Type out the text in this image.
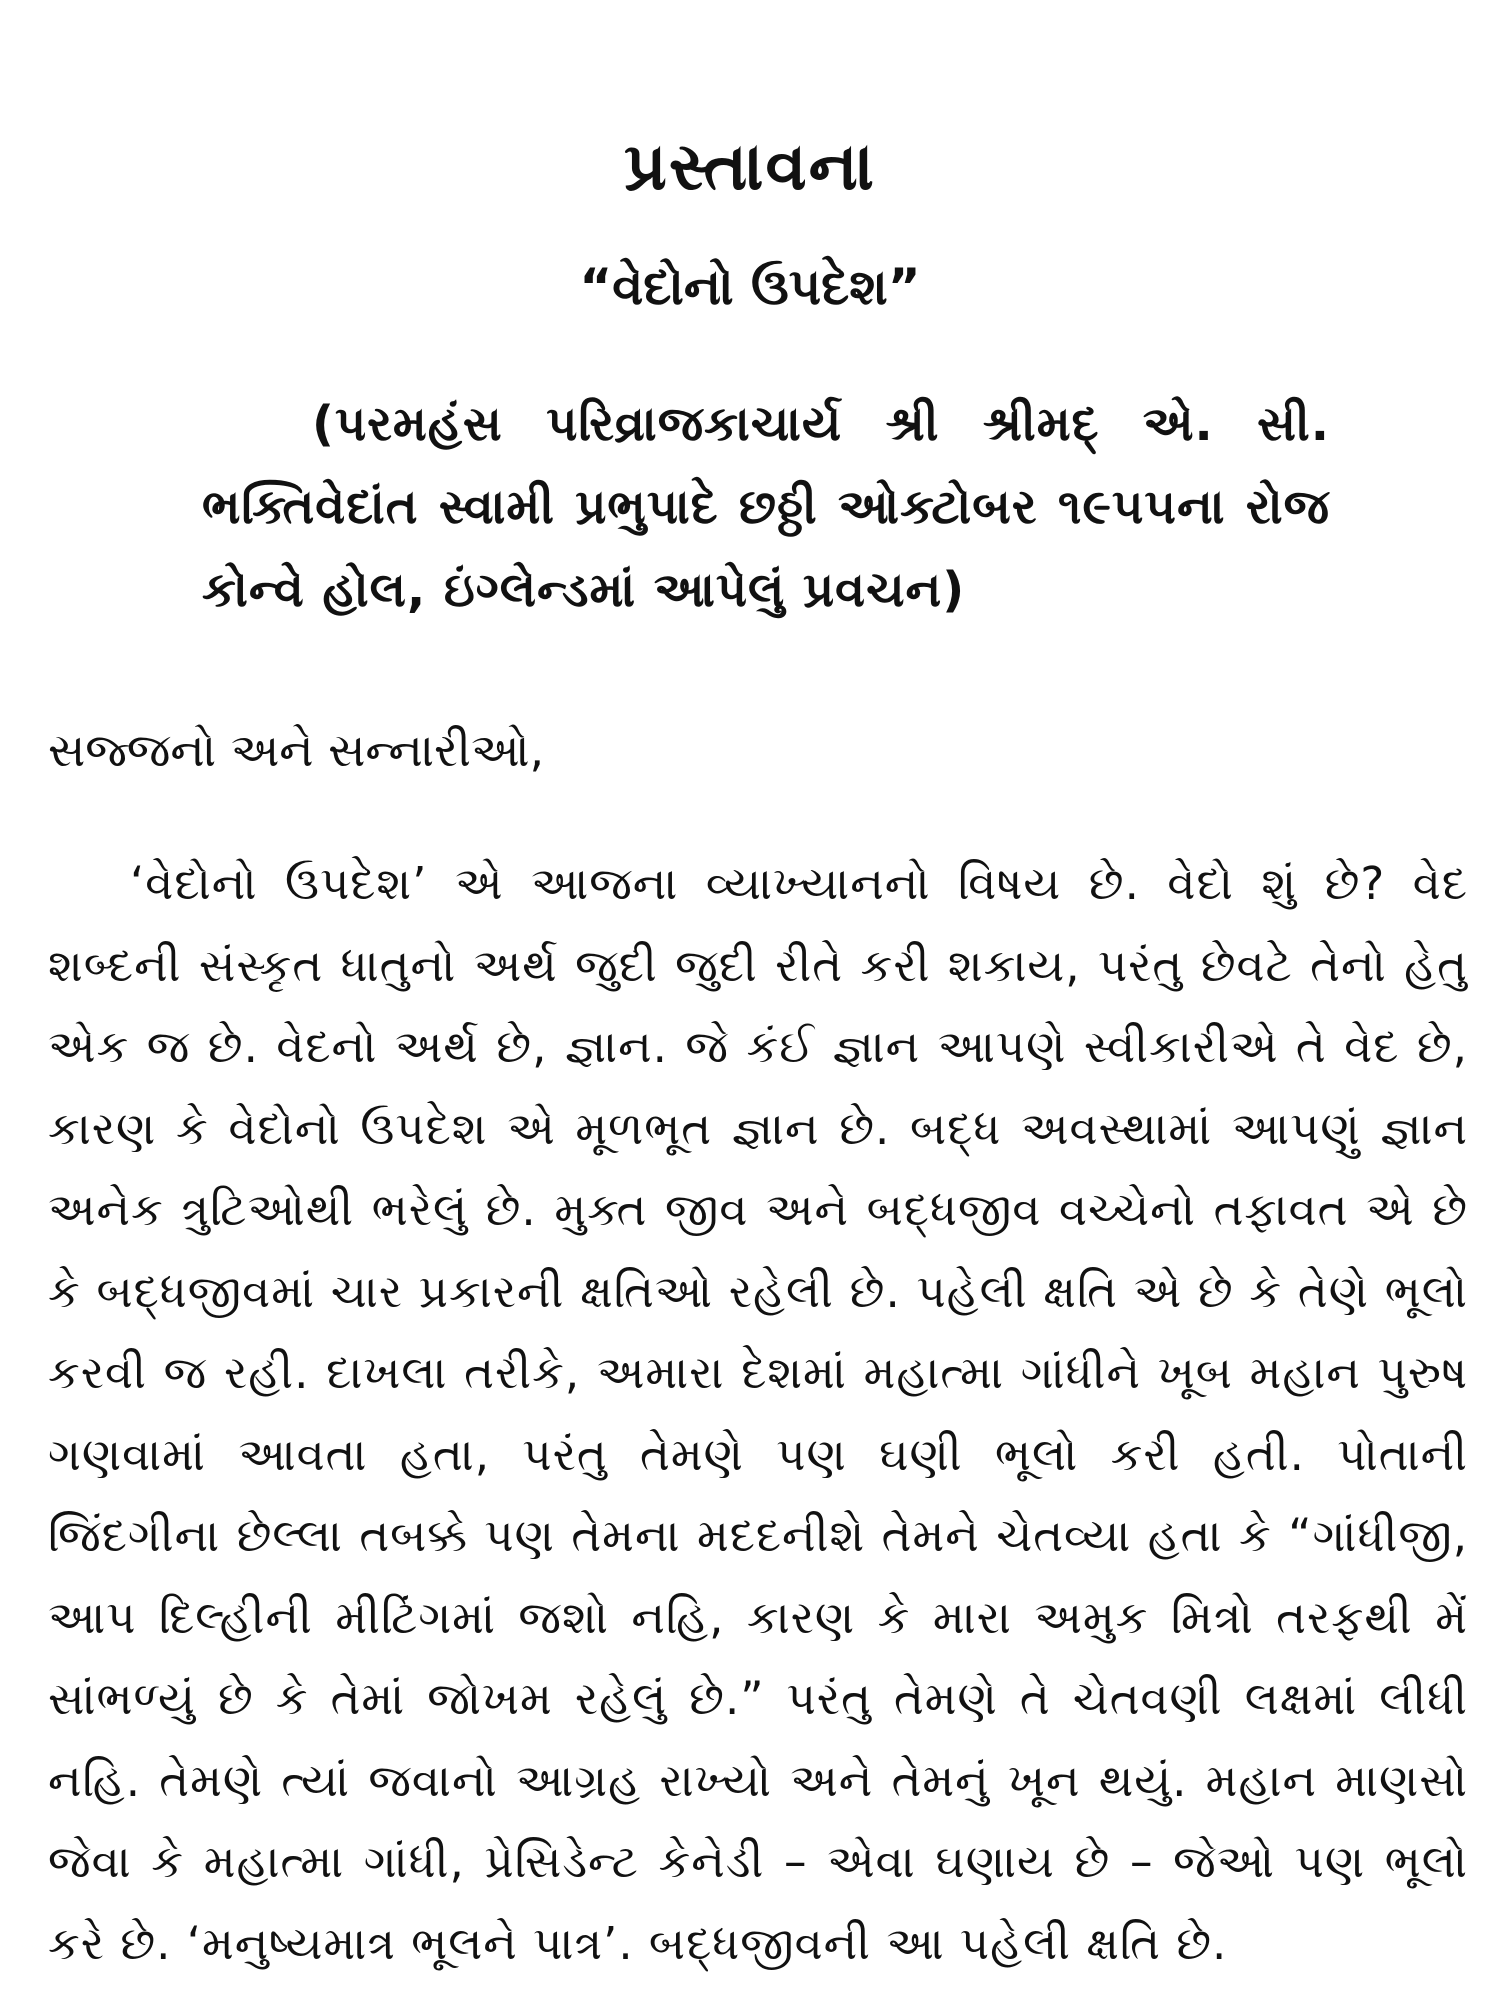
પ્રસ્તાવના
“વેદોનો ઉપદેશ”
(પરમહંસ પરિવ્રાજકાચાર્ય શ્રી શ્રીમદ્ એ. સી. ભક્તિવેદાંત સ્વામી પ્રભુપાદે છઠ્ઠી ઓક્ટોબર ૧૯૫૫ના રોજ કોન્વે હોલ, ઇંગ્લેન્ડમાં આપેલું પ્રવચન)
સજ્જનો અને સન્નારીઓ,

‘વેદોનો ઉપદેશ’ એ આજના વ્યાખ્યાનનો વિષય છે. વેદો શું છે? વેદ શબ્દની સંસ્કૃત ધાતુનો અર્થ જુદી જુદી રીતે કરી શકાય, પરંતુ છેવટે તેનો હેતુ એક જ છે. વેદનો અર્થ છે, જ્ઞાન. જે કંઈ જ્ઞાન આપણે સ્વીકારીએ તે વેદ છે, કારણ કે વેદોનો ઉપદેશ એ મૂળભૂત જ્ઞાન છે. બદ્ધ અવસ્થામાં આપણું જ્ઞાન અનેક ત્રુટિઓથી ભરેલું છે. મુક્ત જીવ અને બદ્ધજીવ વચ્ચેનો તફાવત એ છે કે બદ્ધજીવમાં ચાર પ્રકારની ક્ષતિઓ રહેલી છે. પહેલી ક્ષતિ એ છે કે તેણે ભૂલો કરવી જ રહી. દાખલા તરીકે, અમારા દેશમાં મહાત્મા ગાંધીને ખૂબ મહાન પુરુષ ગણવામાં આવતા હતા, પરંતુ તેમણે પણ ઘણી ભૂલો કરી હતી. પોતાની જિંદગીના છેલ્લા તબક્કે પણ તેમના મદદનીશે તેમને ચેતવ્યા હતા કે “ગાંધીજી, આપ દિલ્હીની મીટિંગમાં જશો નહિ, કારણ કે મારા અમુક મિત્રો તરફથી મેં સાંભળ્યું છે કે તેમાં જોખમ રહેલું છે.” પરંતુ તેમણે તે ચેતવણી લક્ષમાં લીધી નહિ. તેમણે ત્યાં જવાનો આગ્રહ રાખ્યો અને તેમનું ખૂન થયું. મહાન માણસો જેવા કે મહાત્મા ગાંધી, પ્રેસિડેન્ટ કેનેડી – એવા ઘણાય છે – જેઓ પણ ભૂલો કરે છે. ‘મનુષ્યમાત્ર ભૂલને પાત્ર’. બદ્ધજીવની આ પહેલી ક્ષતિ છે.
